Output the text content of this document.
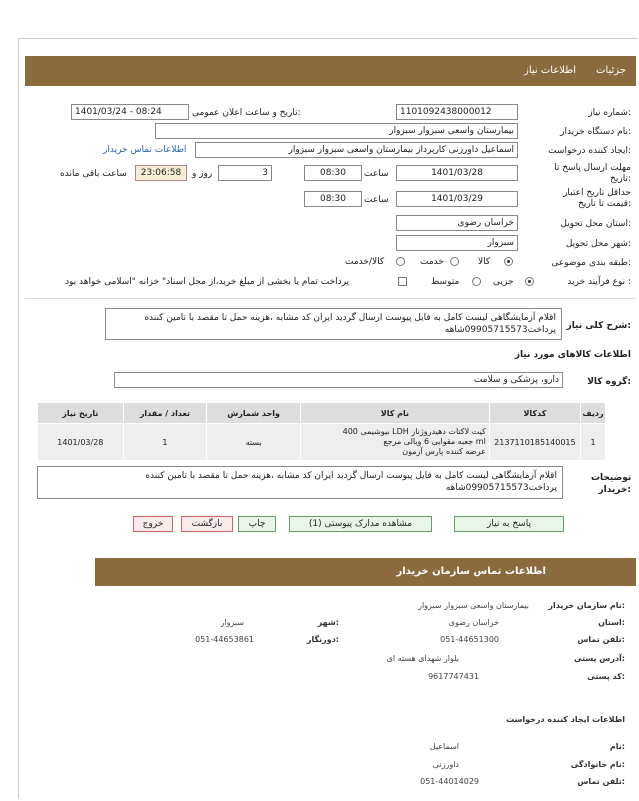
جزئیات
اطلاعات نیاز
شماره نیاز:
1101092438000012
تاریخ و ساعت اعلان عمومی:
1401/03/24 - 08:24
نام دستگاه خریدار:
بیمارستان واسعی سبزوار سبزوار
ایجاد کننده درخواست:
اسماعیل داورزنی کارپرداز بیمارستان واسعی سبزوار سبزوار
اطلاعات تماس خریدار
مهلت ارسال پاسخ تا تاریخ:
1401/03/28
ساعت
08:30
3
روز و
23:06:58
ساعت باقی مانده
حداقل تاریخ اعتبار قیمت تا تاریخ:
1401/03/29
ساعت
08:30
استان محل تحویل:
خراسان رضوی
شهر محل تحویل:
سبزوار
طبقه بندی موضوعی:
کالا
خدمت
کالا/خدمت
نوع فرآیند خرید :
جزیی
متوسط
پرداخت تمام یا بخشی از مبلغ خرید،از محل اسناد" خزانه "اسلامی خواهد بود
شرح کلی نیاز:
اقلام آزمایشگاهی لیست کامل به فایل پیوست ارسال گردید ایران کد مشابه ،هزینه حمل تا مقصد با تامین کننده پرداخت09905715573شاهه
اطلاعات کالاهای مورد نیاز
گروه کالا:
دارو، پزشکی و سلامت
ردیف	کدکالا	نام کالا	واحد شمارش	تعداد / مقدار	تاریخ نیاز
1	2137110185140015	کیت لاکتات دهیدروژناز LDH بیوشیمی 400
ml جعبه مقوایی 6 ویالی مرجع
عرضه کننده پارس آزمون	بسته	1	1401/03/28
توضیحات خریدار:
اقلام آزمایشگاهی لیست کامل به فایل پیوست ارسال گردید ایران کد مشابه ،هزینه حمل تا مقصد با تامین کننده پرداخت09905715573شاهه
پاسخ به نیاز
مشاهده مدارک پیوستی (1)
چاپ
بازگشت
خروج
اطلاعات تماس سازمان خریدار
نام سازمان خریدار:
بیمارستان واسعی سبزوار سبزوار
استان:
خراسان رضوی
شهر:
سبزوار
تلفن تماس:
051-44651300
دورنگار:
051-44653861
آدرس پستی:
بلوار شهدای هسته ای
کد پستی:
9617747431
اطلاعات ایجاد کننده درخواست
نام:
اسماعیل
نام خانوادگی:
داورزنی
تلفن تماس:
051-44014029
